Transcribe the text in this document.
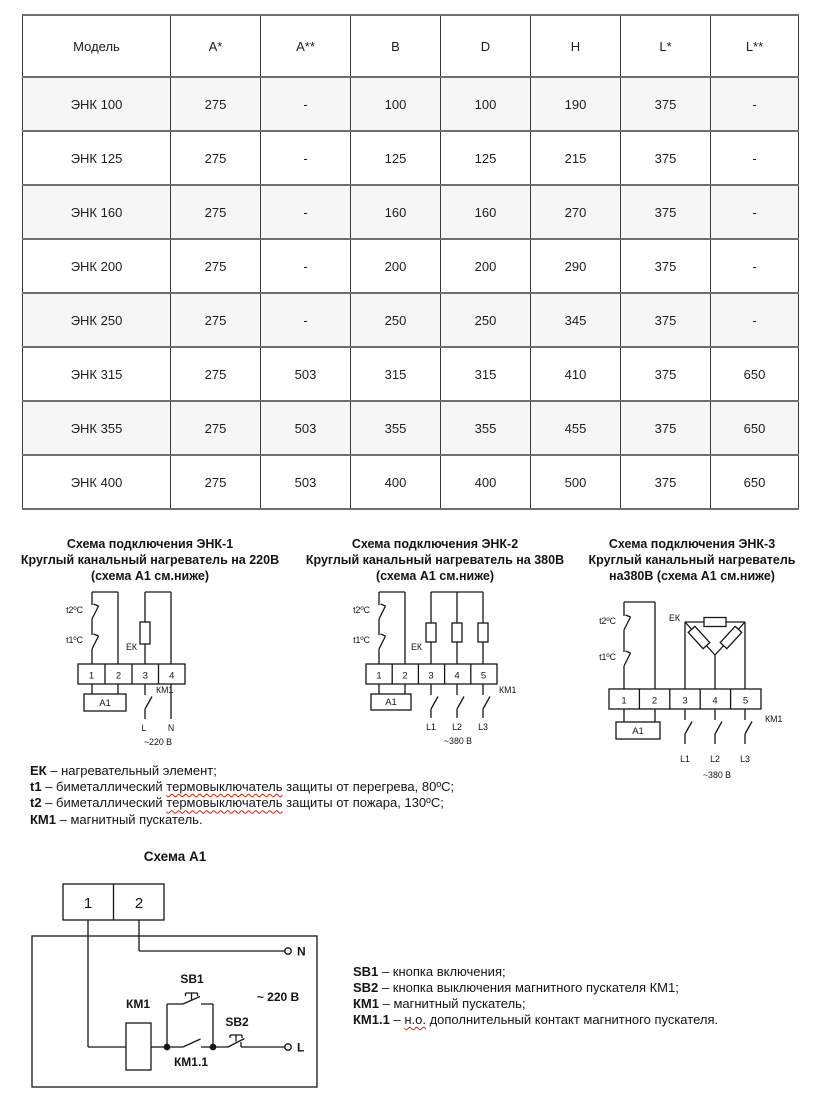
Модель	A*	A**	B	D	H	L*	L**
ЭНК 100	275	-	100	100	190	375	-
ЭНК 125	275	-	125	125	215	375	-
ЭНК 160	275	-	160	160	270	375	-
ЭНК 200	275	-	200	200	290	375	-
ЭНК 250	275	-	250	250	345	375	-
ЭНК 315	275	503	315	315	410	375	650
ЭНК 355	275	503	355	355	455	375	650
ЭНК 400	275	503	400	400	500	375	650
Схема подключения ЭНК-1
Круглый канальный нагреватель на 220В
(схема А1 см.ниже)
Схема подключения ЭНК-2
Круглый канальный нагреватель на 380В
(схема А1 см.ниже)
Схема подключения ЭНК-3
Круглый канальный нагреватель
на380В (схема А1 см.ниже)
t2ºС
t1ºС
ЕК
1 2 3 4
А1
КМ1
L N
~220 В
t2ºС
t1ºС
ЕК
1 2 3 4 5
А1
КМ1
L1 L2 L3
~380 В
t2ºС
t1ºС
ЕК
1	2	3	4	5
А1
КМ1
L1 L2 L3
~380 В
ЕК – нагревательный элемент;
t1 – биметаллический термовыключатель защиты от перегрева, 80ºС;
t2 – биметаллический термовыключатель защиты от пожара, 130ºС;
КМ1 – магнитный пускатель.
Схема А1
1	2
N
L
КМ1
SB1
SB2
КМ1.1
~ 220 В
SB1 – кнопка включения;
SB2 – кнопка выключения магнитного пускателя КМ1;
КМ1 – магнитный пускатель;
КМ1.1 – н.о. дополнительный контакт магнитного пускателя.
